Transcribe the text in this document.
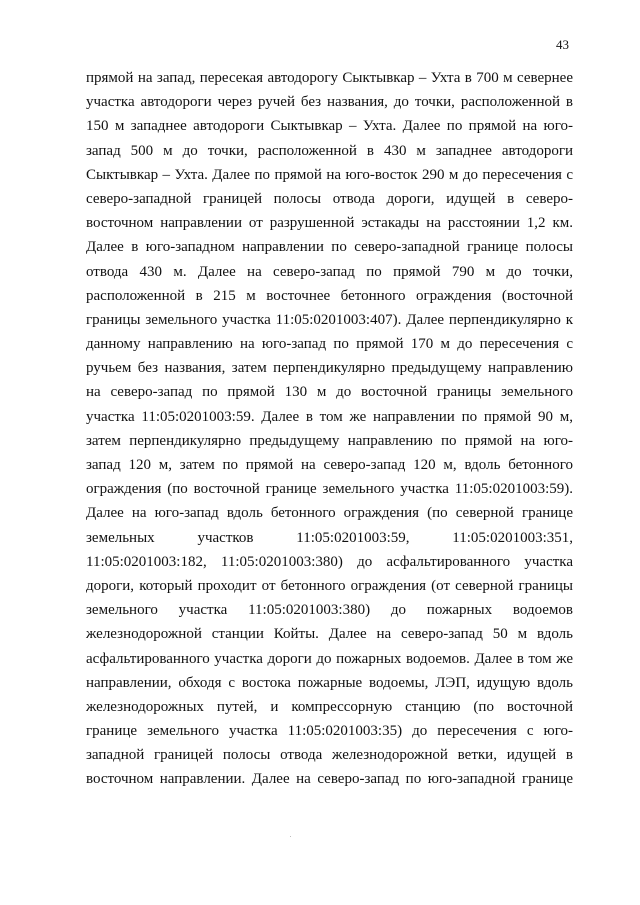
43
прямой на запад, пересекая автодорогу Сыктывкар – Ухта в 700 м севернее
участка автодороги через ручей без названия, до точки, расположенной в
150 м западнее автодороги Сыктывкар – Ухта. Далее по прямой на юго-
запад 500 м до точки, расположенной в 430 м западнее автодороги
Сыктывкар – Ухта. Далее по прямой на юго-восток 290 м до пересечения с
северо-западной границей полосы отвода дороги, идущей в северо-
восточном направлении от разрушенной эстакады на расстоянии 1,2 км.
Далее в юго-западном направлении по северо-западной границе полосы
отвода 430 м. Далее на северо-запад по прямой 790 м до точки,
расположенной в 215 м восточнее бетонного ограждения (восточной
границы земельного участка 11:05:0201003:407). Далее перпендикулярно к
данному направлению на юго-запад по прямой 170 м до пересечения с
ручьем без названия, затем перпендикулярно предыдущему направлению
на северо-запад по прямой 130 м до восточной границы земельного
участка 11:05:0201003:59. Далее в том же направлении по прямой 90 м,
затем перпендикулярно предыдущему направлению по прямой на юго-
запад 120 м, затем по прямой на северо-запад 120 м, вдоль бетонного
ограждения (по восточной границе земельного участка 11:05:0201003:59).
Далее на юго-запад вдоль бетонного ограждения (по северной границе
земельных участков 11:05:0201003:59, 11:05:0201003:351,
11:05:0201003:182, 11:05:0201003:380) до асфальтированного участка
дороги, который проходит от бетонного ограждения (от северной границы
земельного участка 11:05:0201003:380) до пожарных водоемов
железнодорожной станции Койты. Далее на северо-запад 50 м вдоль
асфальтированного участка дороги до пожарных водоемов. Далее в том же
направлении, обходя с востока пожарные водоемы, ЛЭП, идущую вдоль
железнодорожных путей, и компрессорную станцию (по восточной
границе земельного участка 11:05:0201003:35) до пересечения с юго-
западной границей полосы отвода железнодорожной ветки, идущей в
восточном направлении. Далее на северо-запад по юго-западной границе
